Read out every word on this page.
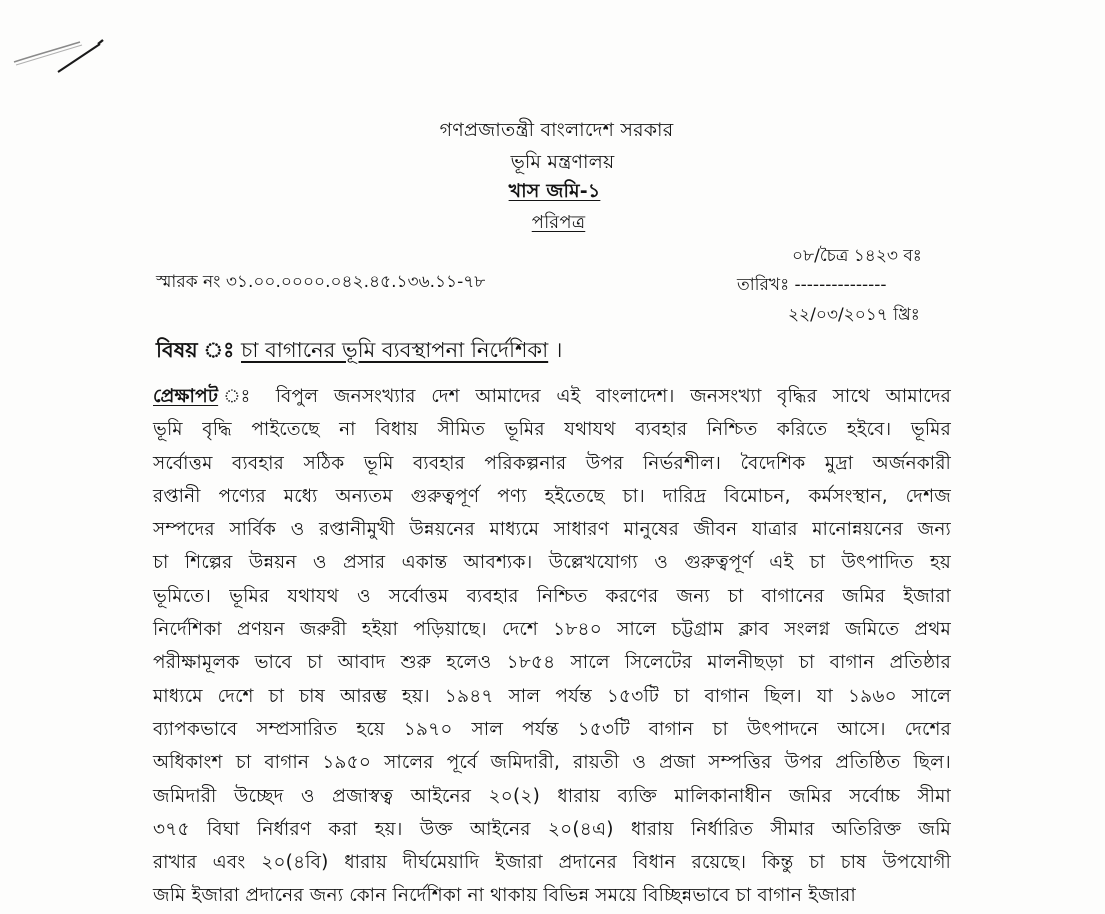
গণপ্রজাতন্ত্রী বাংলাদেশ সরকার
ভূমি মন্ত্রণালয়
খাস জমি-১
পরিপত্র
স্মারক নং ৩১.০০.০০০০.০৪২.৪৫.১৩৬.১১-৭৮
০৮/চৈত্র ১৪২৩ বঃ
তারিখঃ ---------------
২২/০৩/২০১৭ খ্রিঃ
বিষয় ঃ চা বাগানের ভূমি ব্যবস্থাপনা নির্দেশিকা ।
প্রেক্ষাপট ঃ বিপুল জনসংখ্যার দেশ আমাদের এই বাংলাদেশ। জনসংখ্যা বৃদ্ধির সাথে আমাদের
ভূমি বৃদ্ধি পাইতেছে না বিধায় সীমিত ভূমির যথাযথ ব্যবহার নিশ্চিত করিতে হইবে। ভূমির
সর্বোত্তম ব্যবহার সঠিক ভূমি ব্যবহার পরিকল্পনার উপর নির্ভরশীল। বৈদেশিক মুদ্রা অর্জনকারী
রপ্তানী পণ্যের মধ্যে অন্যতম গুরুত্বপূর্ণ পণ্য হইতেছে চা। দারিদ্র বিমোচন, কর্মসংস্থান, দেশজ
সম্পদের সার্বিক ও রপ্তানীমুখী উন্নয়নের মাধ্যমে সাধারণ মানুষের জীবন যাত্রার মানোন্নয়নের জন্য
চা শিল্পের উন্নয়ন ও প্রসার একান্ত আবশ্যক। উল্লেখযোগ্য ও গুরুত্বপূর্ণ এই চা উৎপাদিত হয়
ভূমিতে। ভূমির যথাযথ ও সর্বোত্তম ব্যবহার নিশ্চিত করণের জন্য চা বাগানের জমির ইজারা
নির্দেশিকা প্রণয়ন জরুরী হইয়া পড়িয়াছে। দেশে ১৮৪০ সালে চট্টগ্রাম ক্লাব সংলগ্ন জমিতে প্রথম
পরীক্ষামূলক ভাবে চা আবাদ শুরু হলেও ১৮৫৪ সালে সিলেটের মালনীছড়া চা বাগান প্রতিষ্ঠার
মাধ্যমে দেশে চা চাষ আরম্ভ হয়। ১৯৪৭ সাল পর্যন্ত ১৫৩টি চা বাগান ছিল। যা ১৯৬০ সালে
ব্যাপকভাবে সম্প্রসারিত হয়ে ১৯৭০ সাল পর্যন্ত ১৫৩টি বাগান চা উৎপাদনে আসে। দেশের
অধিকাংশ চা বাগান ১৯৫০ সালের পূর্বে জমিদারী, রায়তী ও প্রজা সম্পত্তির উপর প্রতিষ্ঠিত ছিল।
জমিদারী উচ্ছেদ ও প্রজাস্বত্ব আইনের ২০(২) ধারায় ব্যক্তি মালিকানাধীন জমির সর্বোচ্চ সীমা
৩৭৫ বিঘা নির্ধারণ করা হয়। উক্ত আইনের ২০(৪এ) ধারায় নির্ধারিত সীমার অতিরিক্ত জমি
রাখার এবং ২০(৪বি) ধারায় দীর্ঘমেয়াদি ইজারা প্রদানের বিধান রয়েছে। কিন্তু চা চাষ উপযোগী
জমি ইজারা প্রদানের জন্য কোন নির্দেশিকা না থাকায় বিভিন্ন সময়ে বিচ্ছিন্নভাবে চা বাগান ইজারা
